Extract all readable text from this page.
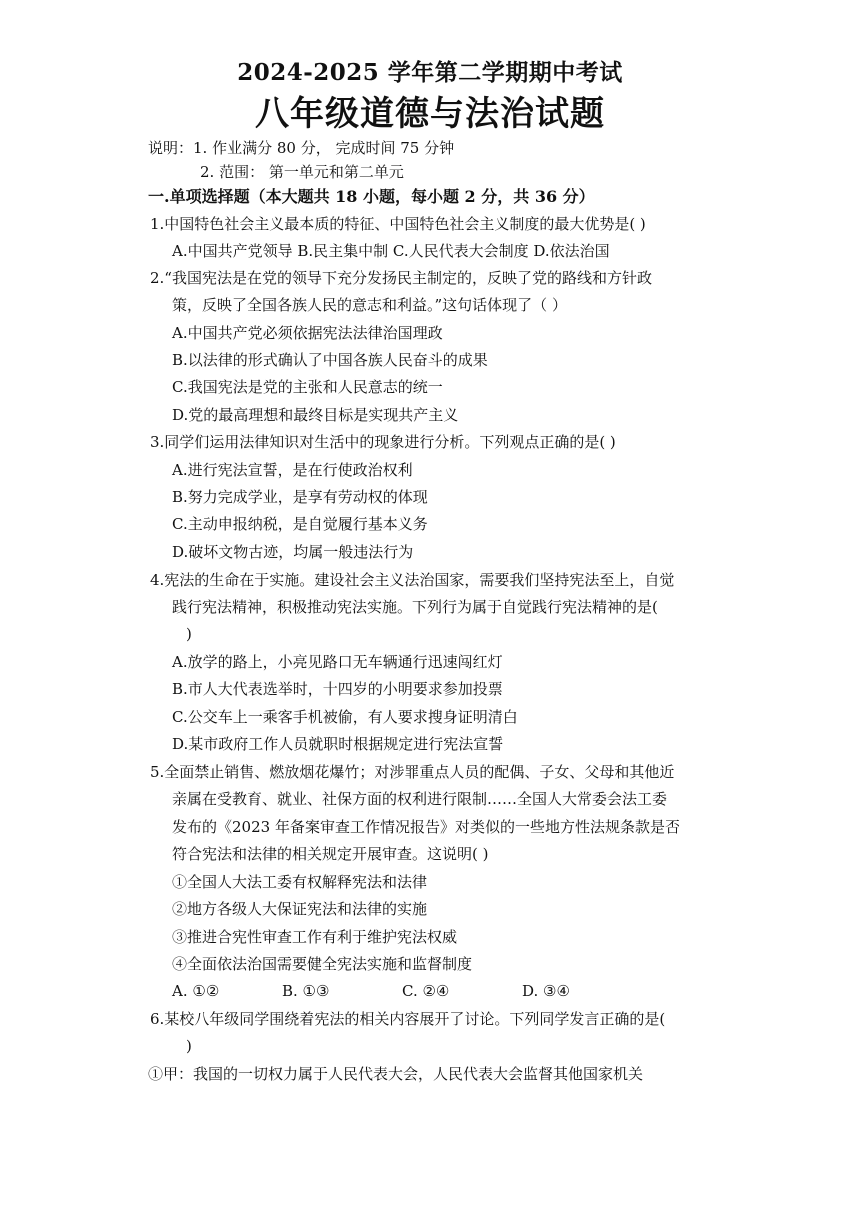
2024-2025 学年第二学期期中考试
八年级道德与法治试题
说明：1. 作业满分 80 分， 完成时间 75 分钟
2. 范围： 第一单元和第二单元
一.单项选择题（本大题共 18 小题，每小题 2 分，共 36 分）
1.中国特色社会主义最本质的特征、中国特色社会主义制度的最大优势是( )
A.中国共产党领导 B.民主集中制 C.人民代表大会制度 D.依法治国
2.“我国宪法是在党的领导下充分发扬民主制定的，反映了党的路线和方针政
策，反映了全国各族人民的意志和利益。”这句话体现了（ ）
A.中国共产党必须依据宪法法律治国理政
B.以法律的形式确认了中国各族人民奋斗的成果
C.我国宪法是党的主张和人民意志的统一
D.党的最高理想和最终目标是实现共产主义
3.同学们运用法律知识对生活中的现象进行分析。下列观点正确的是( )
A.进行宪法宣誓，是在行使政治权利
B.努力完成学业，是享有劳动权的体现
C.主动申报纳税，是自觉履行基本义务
D.破坏文物古迹，均属一般违法行为
4.宪法的生命在于实施。建设社会主义法治国家，需要我们坚持宪法至上，自觉
践行宪法精神，积极推动宪法实施。下列行为属于自觉践行宪法精神的是(
)
A.放学的路上，小亮见路口无车辆通行迅速闯红灯
B.市人大代表选举时，十四岁的小明要求参加投票
C.公交车上一乘客手机被偷，有人要求搜身证明清白
D.某市政府工作人员就职时根据规定进行宪法宣誓
5.全面禁止销售、燃放烟花爆竹；对涉罪重点人员的配偶、子女、父母和其他近
亲属在受教育、就业、社保方面的权利进行限制……全国人大常委会法工委
发布的《2023 年备案审查工作情况报告》对类似的一些地方性法规条款是否
符合宪法和法律的相关规定开展审查。这说明( )
①全国人大法工委有权解释宪法和法律
②地方各级人大保证宪法和法律的实施
③推进合宪性审查工作有利于维护宪法权威
④全面依法治国需要健全宪法实施和监督制度
A. ①②	B. ①③	C. ②④	D. ③④
6.某校八年级同学围绕着宪法的相关内容展开了讨论。下列同学发言正确的是(
)
①甲：我国的一切权力属于人民代表大会，人民代表大会监督其他国家机关
